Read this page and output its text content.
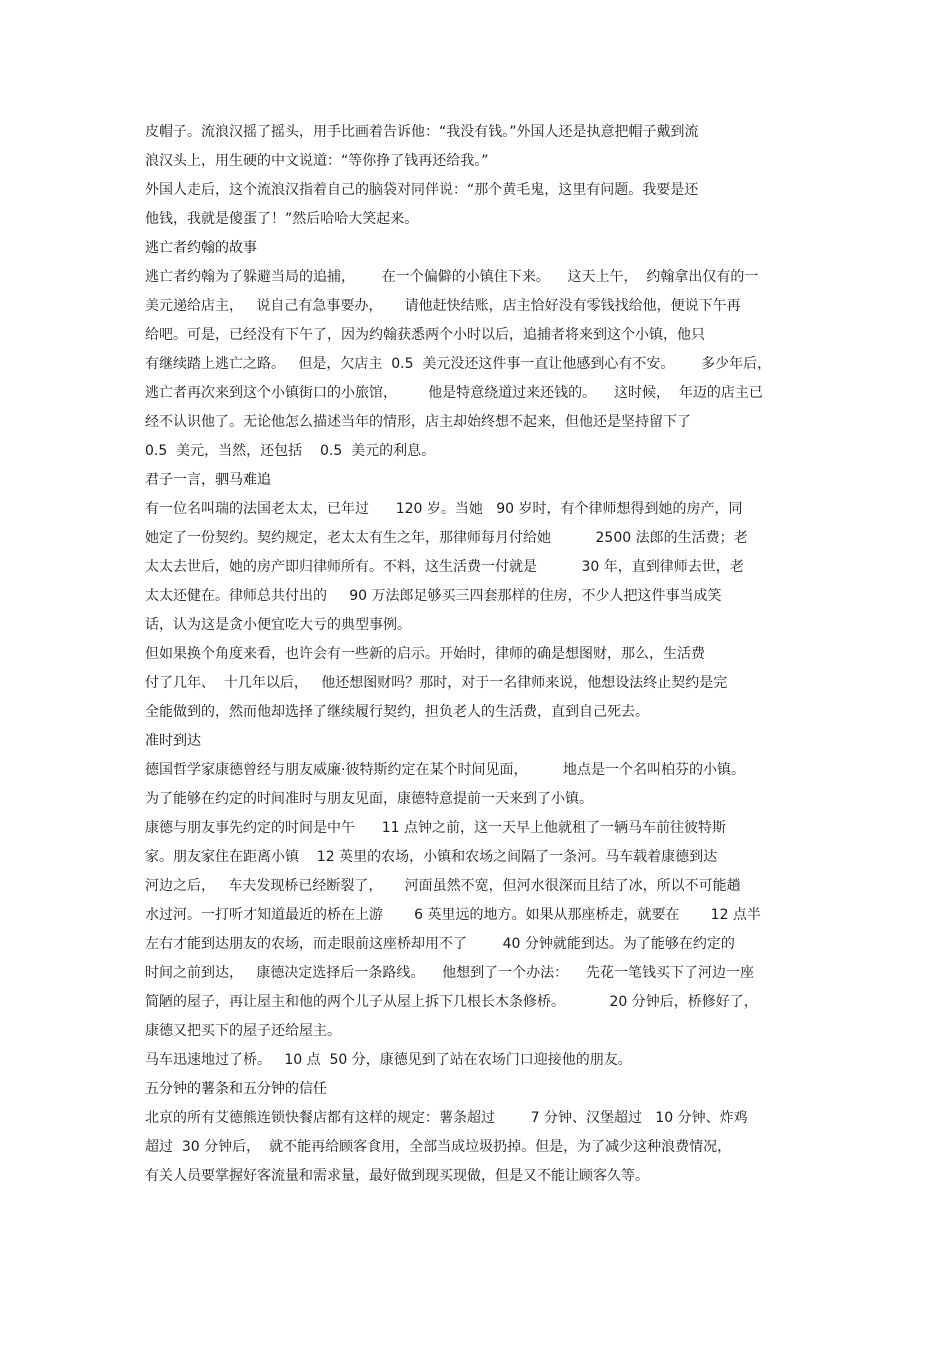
皮帽子。流浪汉摇了摇头，用手比画着告诉他：“我没有钱。”外国人还是执意把帽子戴到流

浪汉头上，用生硬的中文说道：“等你挣了钱再还给我。”

外国人走后，这个流浪汉指着自己的脑袋对同伴说：“那个黄毛鬼，这里有问题。我要是还

他钱，我就是傻蛋了！”然后哈哈大笑起来。

逃亡者约翰的故事

逃亡者约翰为了躲避当局的追捕，      在一个偏僻的小镇住下来。    这天上午，  约翰拿出仅有的一

美元递给店主，   说自己有急事要办，     请他赶快结账，店主恰好没有零钱找给他，便说下午再

给吧。可是，已经没有下午了，因为约翰获悉两个小时以后，追捕者将来到这个小镇，他只

有继续踏上逃亡之路。   但是，欠店主  0.5  美元没还这件事一直让他感到心有不安。      多少年后，

逃亡者再次来到这个小镇街口的小旅馆，       他是特意绕道过来还钱的。    这时候，  年迈的店主已

经不认识他了。无论他怎么描述当年的情形，店主却始终想不起来，但他还是坚持留下了

0.5  美元，当然，还包括    0.5  美元的利息。

君子一言，驷马难追

有一位名叫瑞的法国老太太，已年过      120 岁。当她   90 岁时，有个律师想得到她的房产，同

她定了一份契约。契约规定，老太太有生之年，那律师每月付给她          2500 法郎的生活费；老

太太去世后，她的房产即归律师所有。不料，这生活费一付就是          30 年，直到律师去世，老

太太还健在。律师总共付出的     90 万法郎足够买三四套那样的住房，不少人把这件事当成笑

话，认为这是贪小便宜吃大亏的典型事例。

但如果换个角度来看，也许会有一些新的启示。开始时，律师的确是想图财，那么，生活费

付了几年、  十几年以后，   他还想图财吗？那时，对于一名律师来说，他想设法终止契约是完

全能做到的，然而他却选择了继续履行契约，担负老人的生活费，直到自己死去。

准时到达

德国哲学家康德曾经与朋友威廉·彼特斯约定在某个时间见面，        地点是一个名叫柏芬的小镇。

为了能够在约定的时间准时与朋友见面，康德特意提前一天来到了小镇。

康德与朋友事先约定的时间是中午      11 点钟之前，这一天早上他就租了一辆马车前往彼特斯

家。朋友家住在距离小镇    12 英里的农场，小镇和农场之间隔了一条河。马车载着康德到达

河边之后，   车夫发现桥已经断裂了，     河面虽然不宽，但河水很深而且结了冰，所以不可能趟

水过河。一打听才知道最近的桥在上游       6 英里远的地方。如果从那座桥走，就要在       12 点半

左右才能到达朋友的农场，而走眼前这座桥却用不了        40 分钟就能到达。为了能够在约定的

时间之前到达，   康德决定选择后一条路线。    他想到了一个办法：    先花一笔钱买下了河边一座

简陋的屋子，再让屋主和他的两个儿子从屋上拆下几根长木条修桥。          20 分钟后，桥修好了，

康德又把买下的屋子还给屋主。

马车迅速地过了桥。   10 点  50 分，康德见到了站在农场门口迎接他的朋友。

五分钟的薯条和五分钟的信任

北京的所有艾德熊连锁快餐店都有这样的规定：薯条超过        7 分钟、汉堡超过   10 分钟、炸鸡

超过  30 分钟后，  就不能再给顾客食用，全部当成垃圾扔掉。但是，为了减少这种浪费情况，

有关人员要掌握好客流量和需求量，最好做到现买现做，但是又不能让顾客久等。
